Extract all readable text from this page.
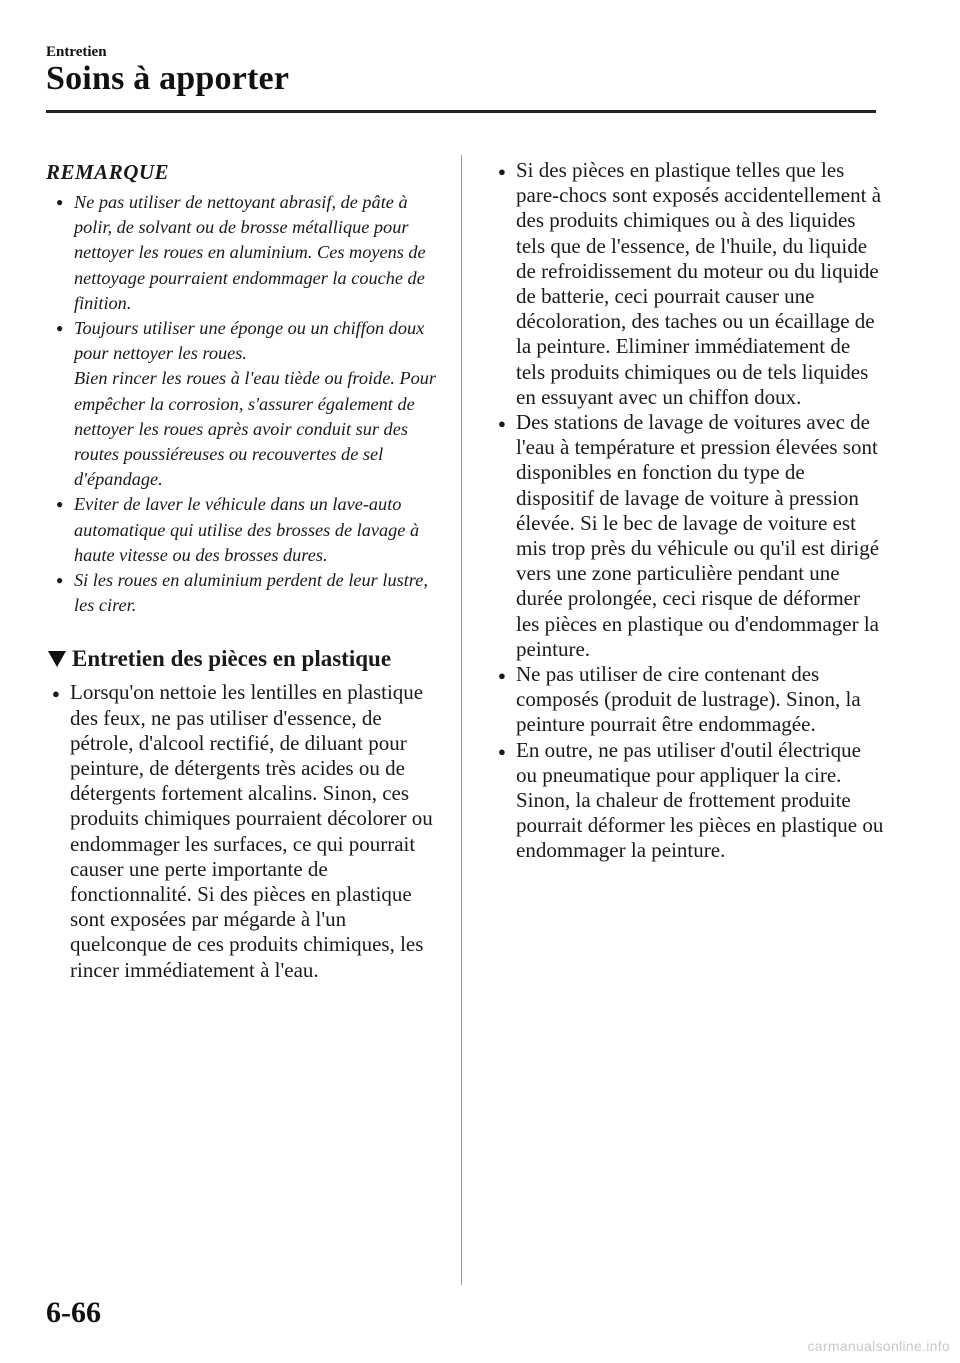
Entretien
Soins à apporter
REMARQUE
● Ne pas utiliser de nettoyant abrasif, de pâte à polir, de solvant ou de brosse métallique pour nettoyer les roues en aluminium. Ces moyens de nettoyage pourraient endommager la couche de finition.
● Toujours utiliser une éponge ou un chiffon doux pour nettoyer les roues.
Bien rincer les roues à l'eau tiède ou froide. Pour empêcher la corrosion, s'assurer également de nettoyer les roues après avoir conduit sur des routes poussiéreuses ou recouvertes de sel d'épandage.
● Eviter de laver le véhicule dans un lave-auto automatique qui utilise des brosses de lavage à haute vitesse ou des brosses dures.
● Si les roues en aluminium perdent de leur lustre, les cirer.
Entretien des pièces en plastique
● Lorsqu'on nettoie les lentilles en plastique des feux, ne pas utiliser d'essence, de pétrole, d'alcool rectifié, de diluant pour peinture, de détergents très acides ou de détergents fortement alcalins. Sinon, ces produits chimiques pourraient décolorer ou endommager les surfaces, ce qui pourrait causer une perte importante de fonctionnalité. Si des pièces en plastique sont exposées par mégarde à l'un quelconque de ces produits chimiques, les rincer immédiatement à l'eau.
● Si des pièces en plastique telles que les pare-chocs sont exposés accidentellement à des produits chimiques ou à des liquides tels que de l'essence, de l'huile, du liquide de refroidissement du moteur ou du liquide de batterie, ceci pourrait causer une décoloration, des taches ou un écaillage de la peinture. Eliminer immédiatement de tels produits chimiques ou de tels liquides en essuyant avec un chiffon doux.
● Des stations de lavage de voitures avec de l'eau à température et pression élevées sont disponibles en fonction du type de dispositif de lavage de voiture à pression élevée. Si le bec de lavage de voiture est mis trop près du véhicule ou qu'il est dirigé vers une zone particulière pendant une durée prolongée, ceci risque de déformer les pièces en plastique ou d'endommager la peinture.
● Ne pas utiliser de cire contenant des composés (produit de lustrage). Sinon, la peinture pourrait être endommagée.
● En outre, ne pas utiliser d'outil électrique ou pneumatique pour appliquer la cire. Sinon, la chaleur de frottement produite pourrait déformer les pièces en plastique ou endommager la peinture.
6-66
carmanualsonline.info
